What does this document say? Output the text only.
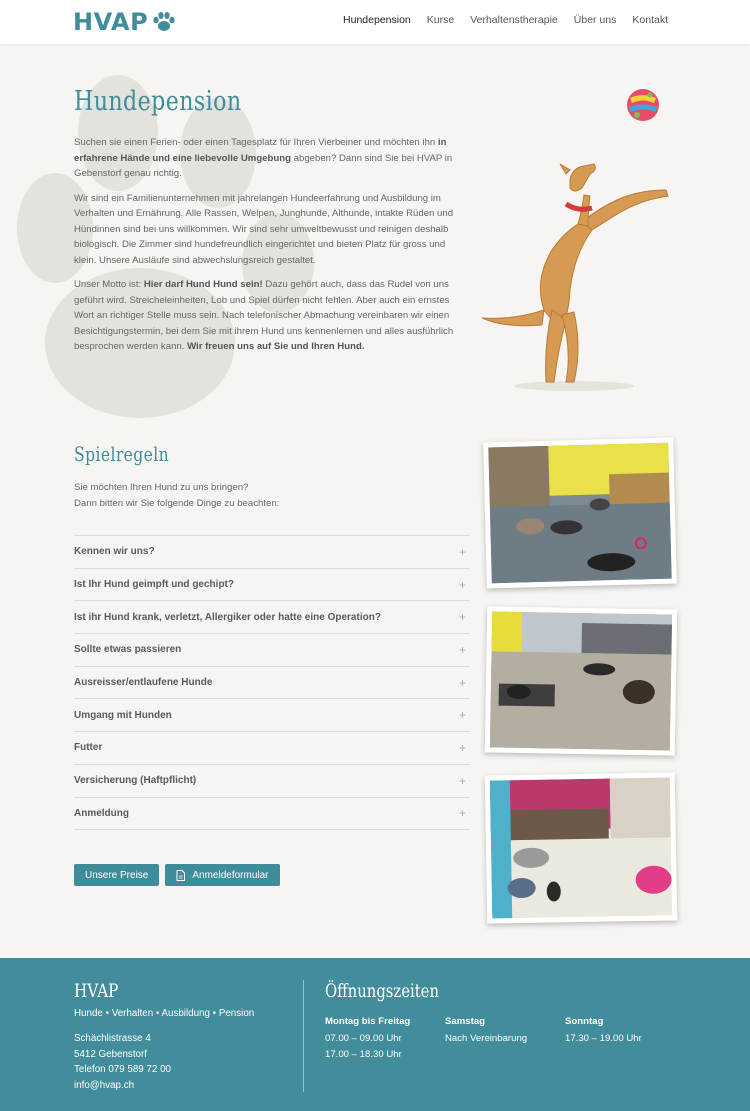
HVAP	Hundepension Kurse Verhaltenstherapie Über uns Kontakt
Hundepension

Suchen sie einen Ferien- oder einen Tagesplatz für Ihren Vierbeiner und möchten ihn in erfahrene Hände und eine liebevolle Umgebung abgeben? Dann sind Sie bei HVAP in Gebenstorf genau richtig.

Wir sind ein Familienunternehmen mit jahrelangen Hundeerfahrung und Ausbildung im Verhalten und Ernährung. Alle Rassen, Welpen, Junghunde, Althunde, intakte Rüden und Hündinnen sind bei uns willkommen. Wir sind sehr umweltbewusst und reinigen deshalb biologisch. Die Zimmer sind hundefreundlich eingerichtet und bieten Platz für gross und klein. Unsere Ausläufe sind abwechslungsreich gestaltet.

Unser Motto ist: Hier darf Hund Hund sein! Dazu gehört auch, dass das Rudel von uns geführt wird. Streicheleinheiten, Lob und Spiel dürfen nicht fehlen. Aber auch ein ernstes Wort an richtiger Stelle muss sein. Nach telefonischer Abmachung vereinbaren wir einen Besichtigungstermin, bei dem Sie mit ihrem Hund uns kennenlernen und alles ausführlich besprochen werden kann. Wir freuen uns auf Sie und Ihren Hund.

Spielregeln
Sie möchten Ihren Hund zu uns bringen?
Dann bitten wir Sie folgende Dinge zu beachten:
Kennen wir uns?	+
Ist Ihr Hund geimpft und gechipt?	+
Ist ihr Hund krank, verletzt, Allergiker oder hatte eine Operation?	+
Sollte etwas passieren	+
Ausreisser/entlaufene Hunde	+
Umgang mit Hunden	+
Futter	+
Versicherung (Haftpflicht)	+
Anmeldung	+
Unsere Preise	Anmeldeformular
HVAP
Hunde • Verhalten • Ausbildung • Pension
Schächlistrasse 4
5412 Gebenstorf
Telefon 079 589 72 00
info@hvap.ch
Öffnungszeiten
Montag bis Freitag
07.00 – 09.00 Uhr
17.00 – 18.30 Uhr
Samstag
Nach Vereinbarung
Sonntag
17.30 – 19.00 Uhr
